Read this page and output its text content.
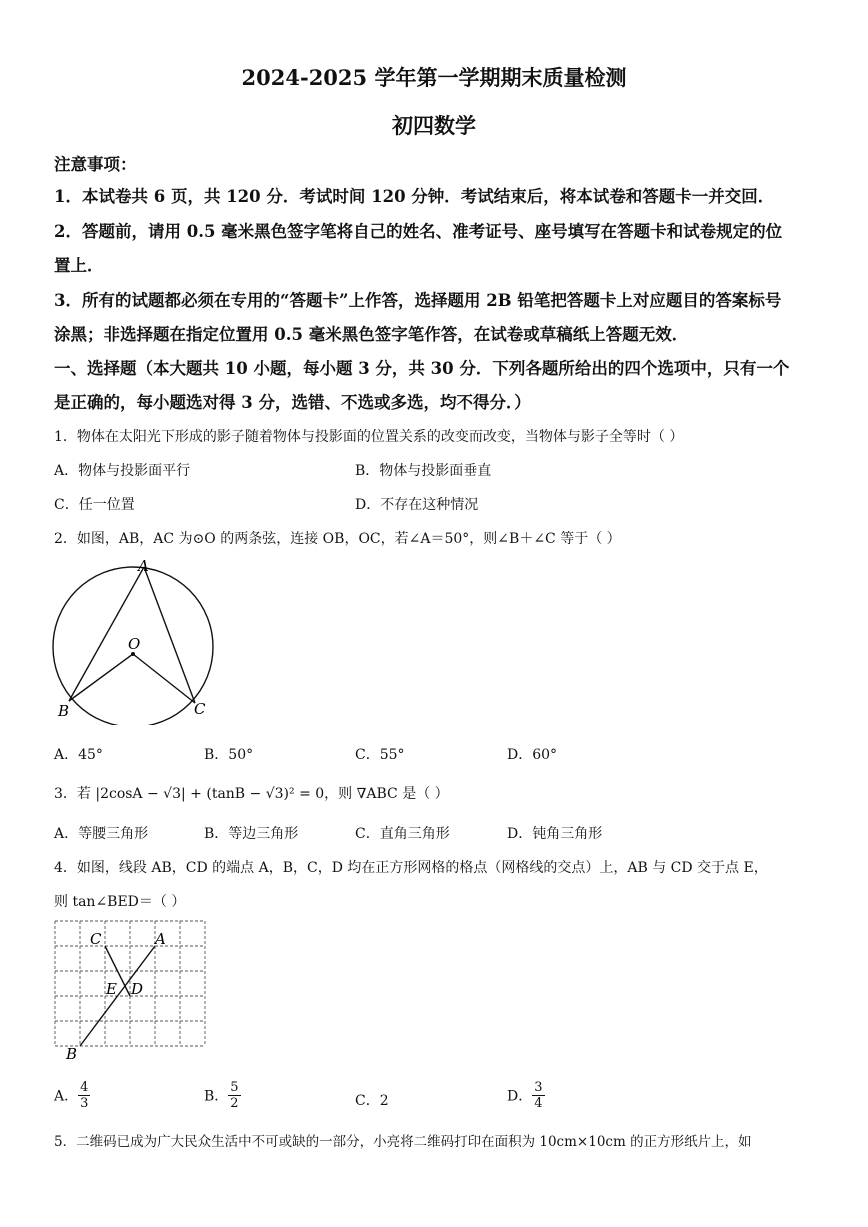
2024-2025 学年第一学期期末质量检测
初四数学
注意事项：
1．本试卷共 6 页，共 120 分．考试时间 120 分钟．考试结束后，将本试卷和答题卡一并交回．
2．答题前，请用 0.5 毫米黑色签字笔将自己的姓名、准考证号、座号填写在答题卡和试卷规定的位
置上．
3．所有的试题都必须在专用的“答题卡”上作答，选择题用 2B 铅笔把答题卡上对应题目的答案标号
涂黑；非选择题在指定位置用 0.5 毫米黑色签字笔作答，在试卷或草稿纸上答题无效．
一、选择题（本大题共 10 小题，每小题 3 分，共 30 分．下列各题所给出的四个选项中，只有一个
是正确的，每小题选对得 3 分，选错、不选或多选，均不得分．）
1．物体在太阳光下形成的影子随着物体与投影面的位置关系的改变而改变，当物体与影子全等时（ ）
A．物体与投影面平行	B．物体与投影面垂直
C．任一位置	D．不存在这种情况
2．如图，AB，AC 为⊙O 的两条弦，连接 OB，OC，若∠A＝50°，则∠B＋∠C 等于（ ）
A
O
B	C
A．45°	B．50°	C．55°	D．60°
3．若 |2cosA − √3| + (tanB − √3)² = 0，则 ∇ABC 是（ ）
A．等腰三角形	B．等边三角形	C．直角三角形	D．钝角三角形
4．如图，线段 AB，CD 的端点 A，B，C，D 均在正方形网格的格点（网格线的交点）上，AB 与 CD 交于点 E，
则 tan∠BED＝（ ）
C	A
E D
B
A． $\frac{4}{3}$	B． $\frac{5}{2}$	C．2	D． $\frac{3}{4}$
5．二维码已成为广大民众生活中不可或缺的一部分，小亮将二维码打印在面积为 10cm×10cm 的正方形纸片上，如
